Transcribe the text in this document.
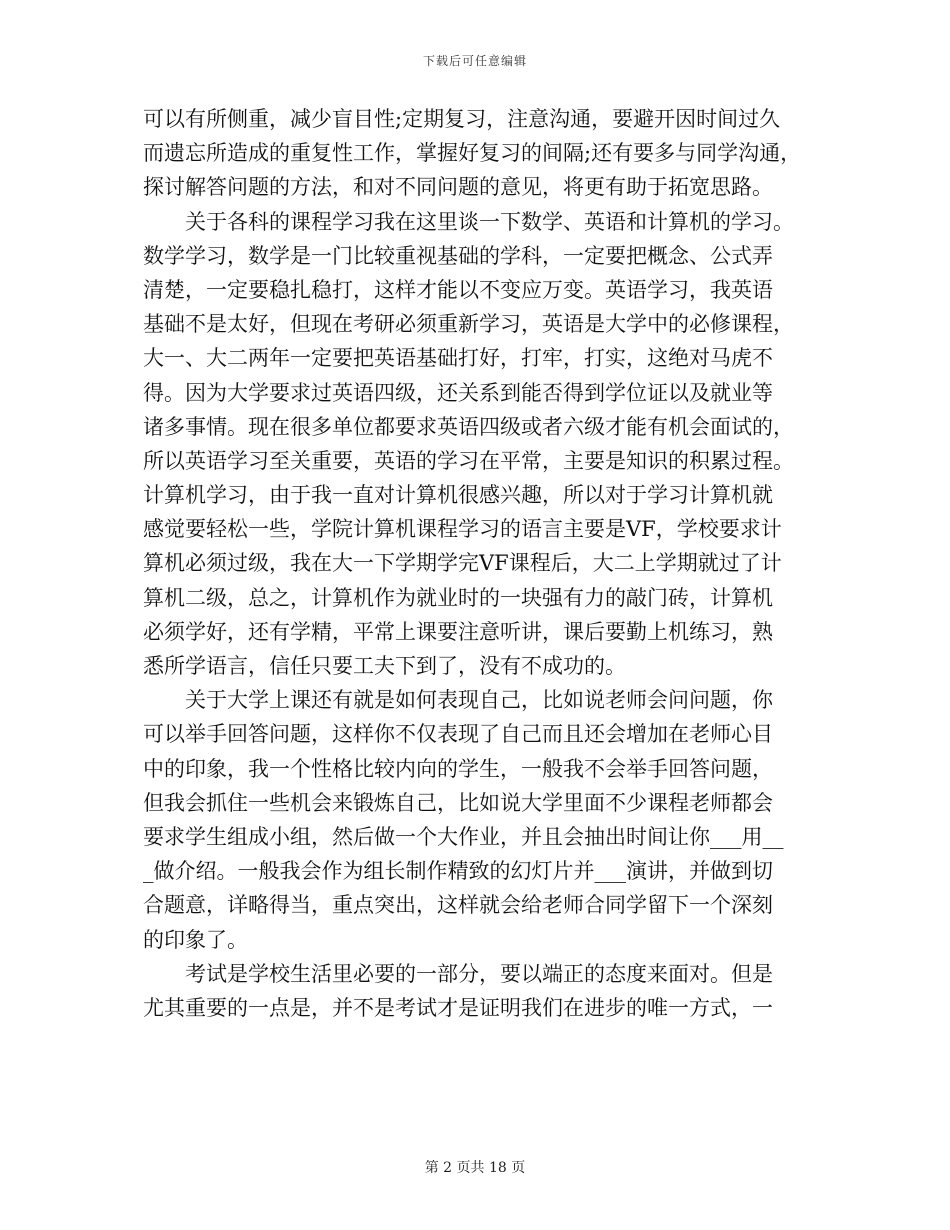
下载后可任意编辑
可以有所侧重，减少盲目性;定期复习，注意沟通，要避开因时间过久
而遗忘所造成的重复性工作，掌握好复习的间隔;还有要多与同学沟通，
探讨解答问题的方法，和对不同问题的意见，将更有助于拓宽思路。
关于各科的课程学习我在这里谈一下数学、英语和计算机的学习。
数学学习，数学是一门比较重视基础的学科，一定要把概念、公式弄
清楚，一定要稳扎稳打，这样才能以不变应万变。英语学习，我英语
基础不是太好，但现在考研必须重新学习，英语是大学中的必修课程，
大一、大二两年一定要把英语基础打好，打牢，打实，这绝对马虎不
得。因为大学要求过英语四级，还关系到能否得到学位证以及就业等
诸多事情。现在很多单位都要求英语四级或者六级才能有机会面试的，
所以英语学习至关重要，英语的学习在平常，主要是知识的积累过程。
计算机学习，由于我一直对计算机很感兴趣，所以对于学习计算机就
感觉要轻松一些，学院计算机课程学习的语言主要是VF，学校要求计
算机必须过级，我在大一下学期学完VF课程后，大二上学期就过了计
算机二级，总之，计算机作为就业时的一块强有力的敲门砖，计算机
必须学好，还有学精，平常上课要注意听讲，课后要勤上机练习，熟
悉所学语言，信任只要工夫下到了，没有不成功的。
关于大学上课还有就是如何表现自己，比如说老师会问问题，你
可以举手回答问题，这样你不仅表现了自己而且还会增加在老师心目
中的印象，我一个性格比较内向的学生，一般我不会举手回答问题，
但我会抓住一些机会来锻炼自己，比如说大学里面不少课程老师都会
要求学生组成小组，然后做一个大作业，并且会抽出时间让你___用__
_做介绍。一般我会作为组长制作精致的幻灯片并___演讲，并做到切
合题意，详略得当，重点突出，这样就会给老师合同学留下一个深刻
的印象了。
考试是学校生活里必要的一部分，要以端正的态度来面对。但是
尤其重要的一点是，并不是考试才是证明我们在进步的唯一方式，一
第 2 页共 18 页
